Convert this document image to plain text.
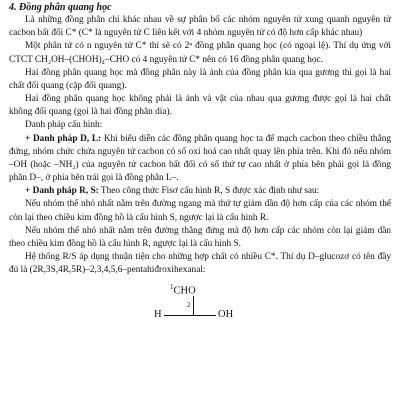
4. Đồng phân quang học

Là những đồng phân chỉ khác nhau về sự phân bố các nhóm nguyên tử xung quanh nguyên tử cacbon bất đối C* (C* là nguyên tử C liên kết với 4 nhóm nguyên tử có độ hơn cấp khác nhau)

Một phân tử có n nguyên tử C* thì sẽ có 2ⁿ đồng phân quang học (có ngoại lệ). Thí dụ ứng với CTCT CH₂OH–(CHOH)₄–CHO có 4 nguyên tử C* nên có 16 đồng phân quang học.

Hai đồng phân quang học mà đồng phân này là ảnh của đồng phân kia qua gương thì gọi là hai chất đối quang (cặp đối quang).

Hai đồng phân quang học không phải là ảnh và vật của nhau qua gương được gọi là hai chất không đối quang (gọi là hai đồng phân dia).

Danh pháp cấu hình:

+ Danh pháp D, L: Khi biểu diễn các đồng phân quang học ta để mạch cacbon theo chiều thẳng đứng, nhóm chức chứa nguyên tử cacbon có số oxi hoá cao nhất quay lên phía trên. Khi đó nếu nhóm –OH (hoặc –NH₂) của nguyên tử cacbon bất đối có số thứ tự cao nhất ở phía bên phải gọi là đồng phân D–, ở phía bên trái gọi là đồng phân L–.

+ Danh pháp R, S: Theo công thức Fisơ cấu hình R, S được xác định như sau:

Nếu nhóm thế nhỏ nhất nằm trên đường ngang mà thứ tự giảm dần độ hơn cấp của các nhóm thế còn lại theo chiều kim đồng hồ là cấu hình S, ngược lại là cấu hình R.

Nếu nhóm thế nhỏ nhất nằm trên đường thẳng đứng mà độ hơn cấp các nhóm còn lại giảm dần theo chiều kim đồng hồ là cấu hình R, ngược lại là cấu hình S.

Hệ thống R/S áp dụng thuận tiện cho những hợp chất có nhiều C*. Thí dụ D–glucozơ có tên đầy đủ là (2R,3S,4R,5R)–2,3,4,5,6–pentahiđroxihexanal:

$^1$CHO
2
H	OH
